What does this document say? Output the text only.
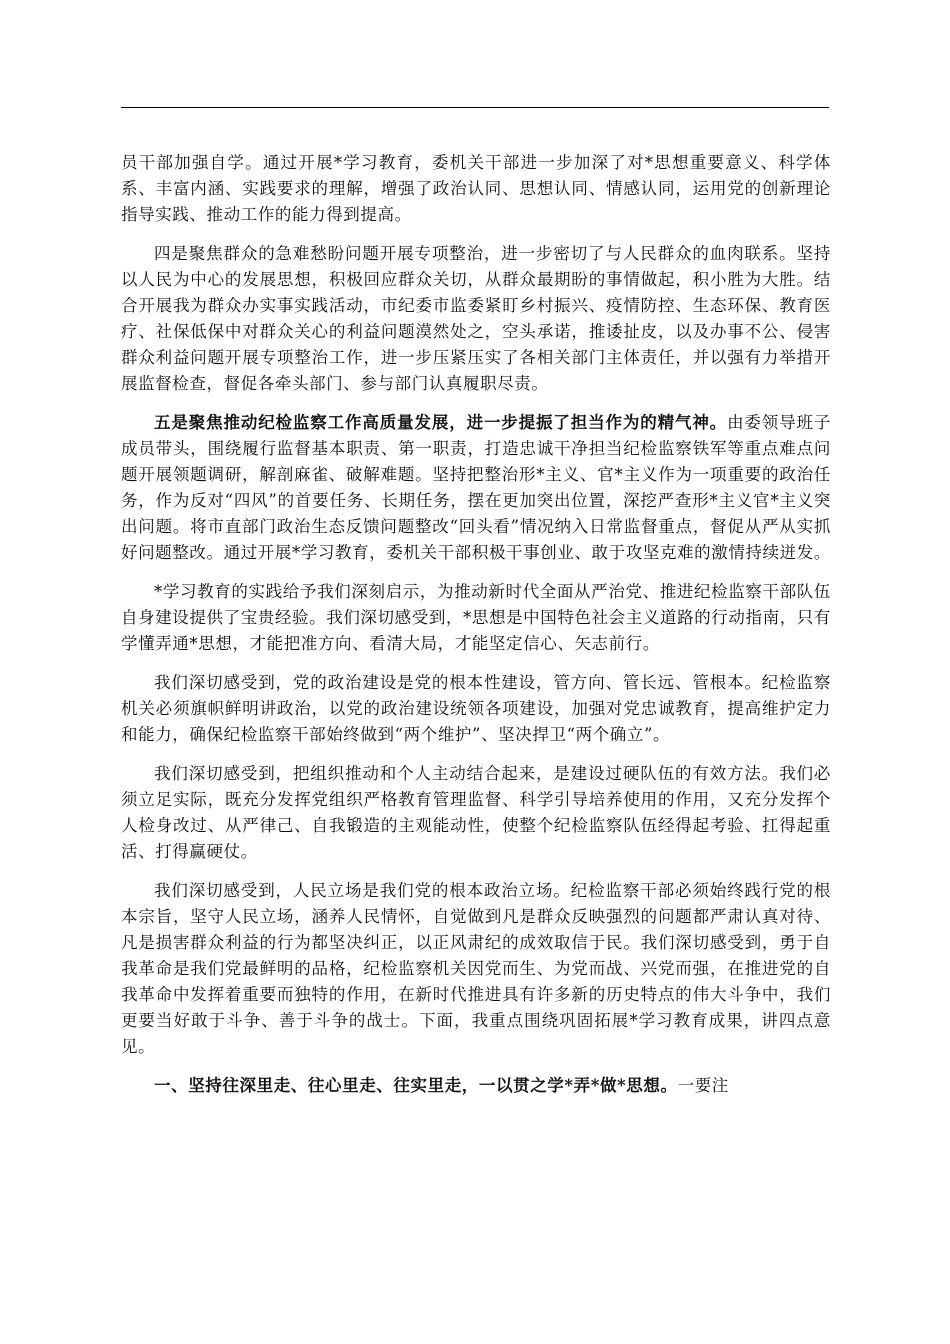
员干部加强自学。通过开展*学习教育，委机关干部进一步加深了对*思想重要意义、科学体系、丰富内涵、实践要求的理解，增强了政治认同、思想认同、情感认同，运用党的创新理论指导实践、推动工作的能力得到提高。

四是聚焦群众的急难愁盼问题开展专项整治，进一步密切了与人民群众的血肉联系。坚持以人民为中心的发展思想，积极回应群众关切，从群众最期盼的事情做起，积小胜为大胜。结合开展我为群众办实事实践活动，市纪委市监委紧盯乡村振兴、疫情防控、生态环保、教育医疗、社保低保中对群众关心的利益问题漠然处之，空头承诺，推诿扯皮，以及办事不公、侵害群众利益问题开展专项整治工作，进一步压紧压实了各相关部门主体责任，并以强有力举措开展监督检查，督促各牵头部门、参与部门认真履职尽责。

五是聚焦推动纪检监察工作高质量发展，进一步提振了担当作为的精气神。由委领导班子成员带头，围绕履行监督基本职责、第一职责，打造忠诚干净担当纪检监察铁军等重点难点问题开展领题调研，解剖麻雀、破解难题。坚持把整治形*主义、官*主义作为一项重要的政治任务，作为反对“四风”的首要任务、长期任务，摆在更加突出位置，深挖严查形*主义官*主义突出问题。将市直部门政治生态反馈问题整改“回头看”情况纳入日常监督重点，督促从严从实抓好问题整改。通过开展*学习教育，委机关干部积极干事创业、敢于攻坚克难的激情持续迸发。

*学习教育的实践给予我们深刻启示，为推动新时代全面从严治党、推进纪检监察干部队伍自身建设提供了宝贵经验。我们深切感受到，*思想是中国特色社会主义道路的行动指南，只有学懂弄通*思想，才能把准方向、看清大局，才能坚定信心、矢志前行。

我们深切感受到，党的政治建设是党的根本性建设，管方向、管长远、管根本。纪检监察机关必须旗帜鲜明讲政治，以党的政治建设统领各项建设，加强对党忠诚教育，提高维护定力和能力，确保纪检监察干部始终做到“两个维护”、坚决捍卫“两个确立”。

我们深切感受到，把组织推动和个人主动结合起来，是建设过硬队伍的有效方法。我们必须立足实际，既充分发挥党组织严格教育管理监督、科学引导培养使用的作用，又充分发挥个人检身改过、从严律己、自我锻造的主观能动性，使整个纪检监察队伍经得起考验、扛得起重活、打得赢硬仗。

我们深切感受到，人民立场是我们党的根本政治立场。纪检监察干部必须始终践行党的根本宗旨，坚守人民立场，涵养人民情怀，自觉做到凡是群众反映强烈的问题都严肃认真对待、凡是损害群众利益的行为都坚决纠正，以正风肃纪的成效取信于民。我们深切感受到，勇于自我革命是我们党最鲜明的品格，纪检监察机关因党而生、为党而战、兴党而强，在推进党的自我革命中发挥着重要而独特的作用，在新时代推进具有许多新的历史特点的伟大斗争中，我们更要当好敢于斗争、善于斗争的战士。下面，我重点围绕巩固拓展*学习教育成果，讲四点意见。

一、坚持往深里走、往心里走、往实里走，一以贯之学*弄*做*思想。一要注
